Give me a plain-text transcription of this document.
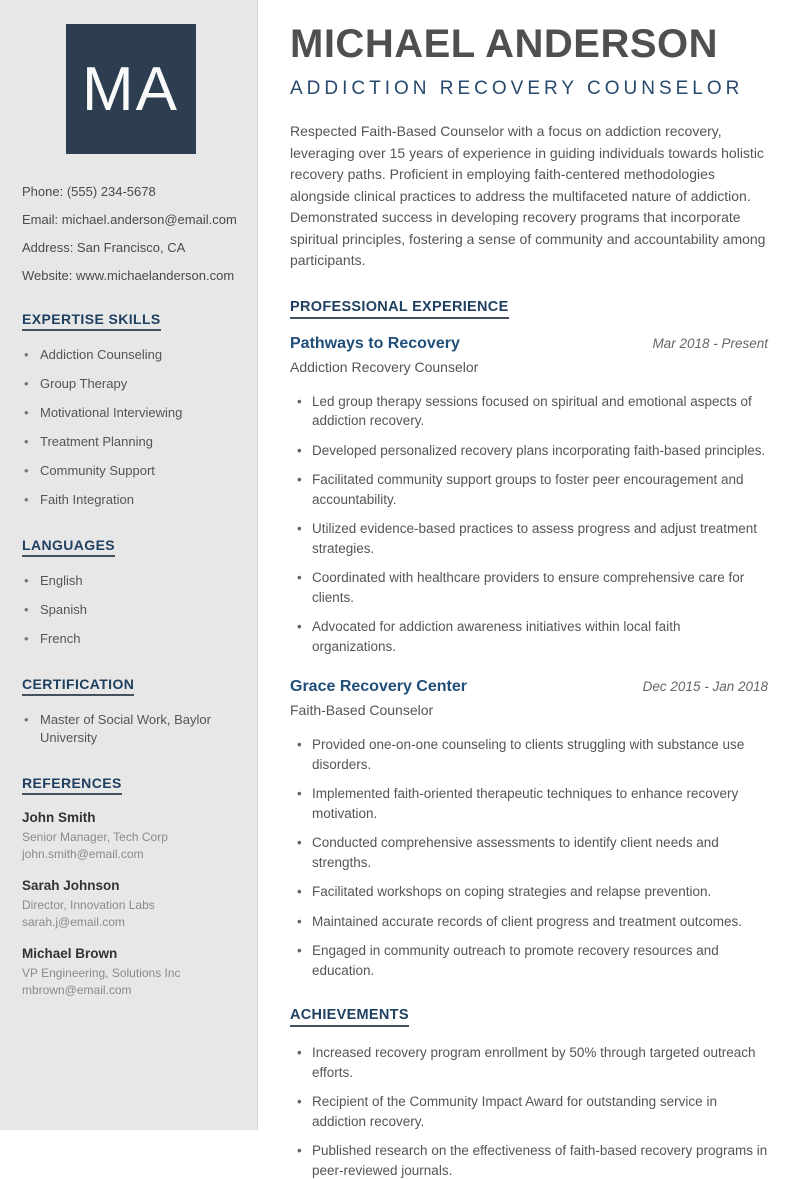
MA
Phone: (555) 234-5678
Email: michael.anderson@email.com
Address: San Francisco, CA
Website: www.michaelanderson.com
EXPERTISE SKILLS
• Addiction Counseling
• Group Therapy
• Motivational Interviewing
• Treatment Planning
• Community Support
• Faith Integration
LANGUAGES
• English
• Spanish
• French
CERTIFICATION
• Master of Social Work, Baylor University
REFERENCES
John Smith
Senior Manager, Tech Corp
john.smith@email.com
Sarah Johnson
Director, Innovation Labs
sarah.j@email.com
Michael Brown
VP Engineering, Solutions Inc
mbrown@email.com
MICHAEL ANDERSON
ADDICTION RECOVERY COUNSELOR

Respected Faith-Based Counselor with a focus on addiction recovery, leveraging over 15 years of experience in guiding individuals towards holistic recovery paths. Proficient in employing faith-centered methodologies alongside clinical practices to address the multifaceted nature of addiction. Demonstrated success in developing recovery programs that incorporate spiritual principles, fostering a sense of community and accountability among participants.

PROFESSIONAL EXPERIENCE
Pathways to Recovery	Mar 2018 - Present
Addiction Recovery Counselor
• Led group therapy sessions focused on spiritual and emotional aspects of addiction recovery.
• Developed personalized recovery plans incorporating faith-based principles.
• Facilitated community support groups to foster peer encouragement and accountability.
• Utilized evidence-based practices to assess progress and adjust treatment strategies.
• Coordinated with healthcare providers to ensure comprehensive care for clients.
• Advocated for addiction awareness initiatives within local faith organizations.
Grace Recovery Center	Dec 2015 - Jan 2018
Faith-Based Counselor
• Provided one-on-one counseling to clients struggling with substance use disorders.
• Implemented faith-oriented therapeutic techniques to enhance recovery motivation.
• Conducted comprehensive assessments to identify client needs and strengths.
• Facilitated workshops on coping strategies and relapse prevention.
• Maintained accurate records of client progress and treatment outcomes.
• Engaged in community outreach to promote recovery resources and education.
ACHIEVEMENTS
• Increased recovery program enrollment by 50% through targeted outreach efforts.
• Recipient of the Community Impact Award for outstanding service in addiction recovery.
• Published research on the effectiveness of faith-based recovery programs in peer-reviewed journals.
